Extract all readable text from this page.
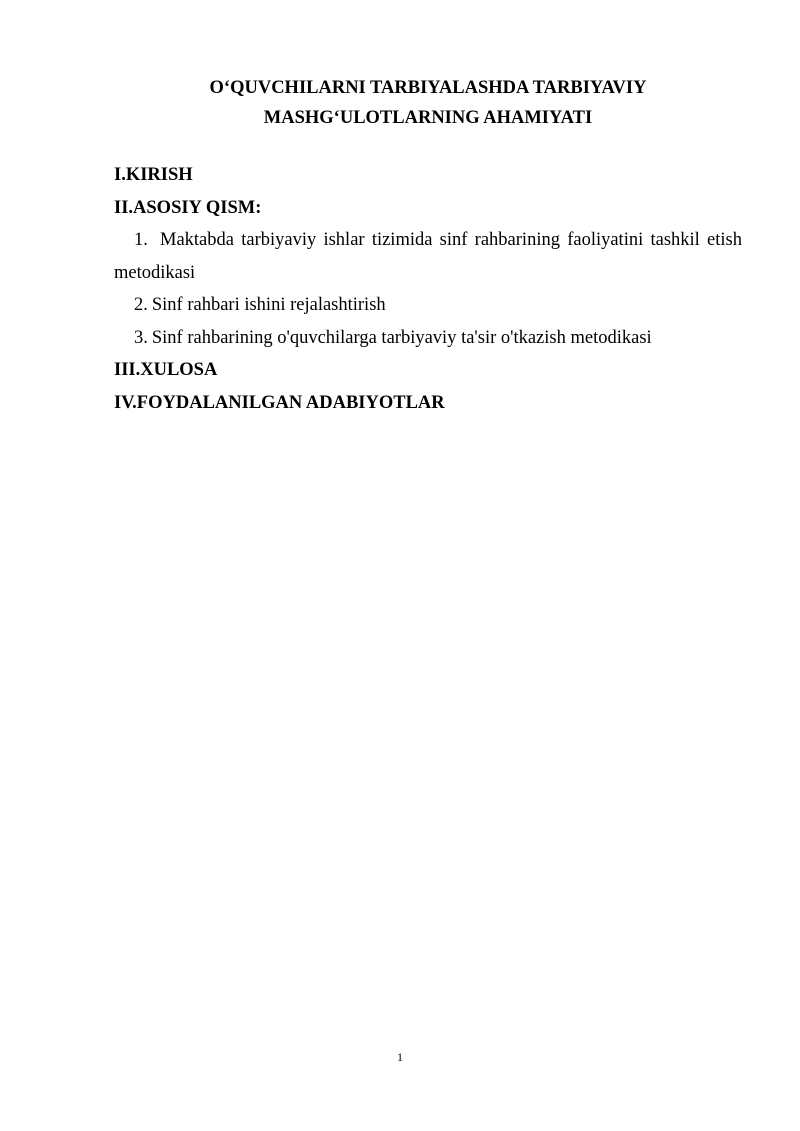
O‘QUVCHILARNI TARBIYALASHDA TARBIYAVIY
MASHG‘ULOTLARNING AHAMIYATI

I.KIRISH

II.ASOSIY QISM:

1. Maktabda tarbiyaviy ishlar tizimida sinf rahbarining faoliyatini tashkil etish metodikasi

2. Sinf rahbari ishini rejalashtirish

3. Sinf rahbarining o'quvchilarga tarbiyaviy ta'sir o'tkazish metodikasi

III.XULOSA

IV.FOYDALANILGAN ADABIYOTLAR

1
